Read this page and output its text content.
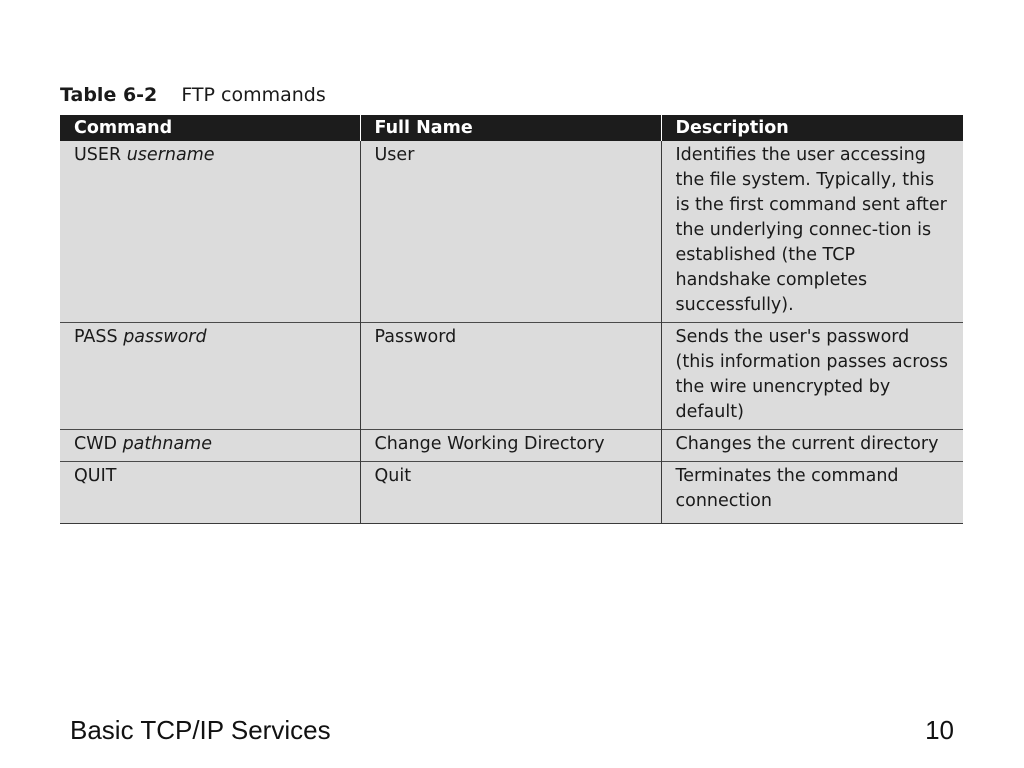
Table 6-2 FTP commands
Command	Full Name	Description
USER username	User	Identifies the user accessing the file system. Typically, this is the first command sent after the underlying connec-tion is established (the TCP handshake completes successfully).
PASS password	Password	Sends the user's password (this information passes across the wire unencrypted by default)
CWD pathname	Change Working Directory	Changes the current directory
QUIT	Quit	Terminates the command connection
Basic TCP/IP Services	10
